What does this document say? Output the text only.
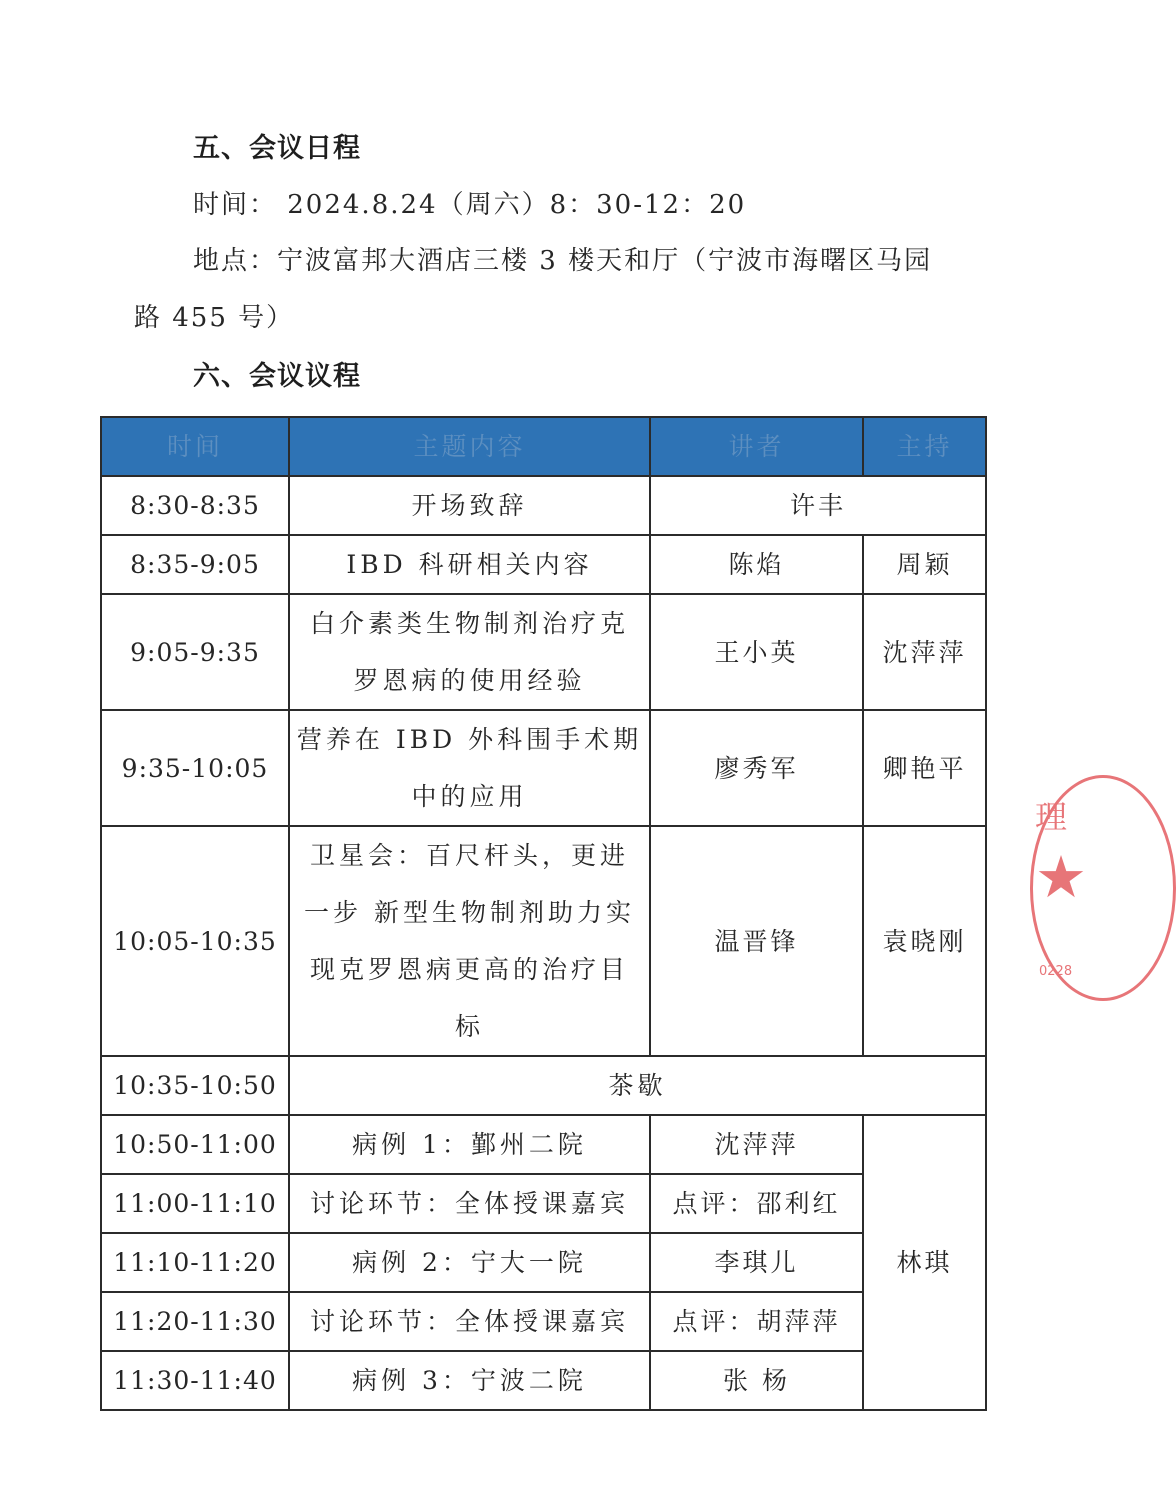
五、会议日程
时间： 2024.8.24（周六）8：30-12：20
地点：宁波富邦大酒店三楼 3 楼天和厅（宁波市海曙区马园
路 455 号）
六、会议议程
时间	主题内容	讲者	主持
8:30-8:35	开场致辞	许丰	
8:35-9:05	IBD 科研相关内容	陈焰	周颖
9:05-9:35	白介素类生物制剂治疗克罗恩病的使用经验	王小英	沈萍萍
9:35-10:05	营养在 IBD 外科围手术期中的应用	廖秀军	卿艳平
10:05-10:35	卫星会：百尺杆头，更进一步 新型生物制剂助力实现克罗恩病更高的治疗目标	温晋锋	袁晓刚
10:35-10:50	茶歇		
10:50-11:00	病例 1：鄞州二院	沈萍萍	林琪
11:00-11:10	讨论环节：全体授课嘉宾	点评：邵利红	
11:10-11:20	病例 2：宁大一院	李琪儿	
11:20-11:30	讨论环节：全体授课嘉宾	点评：胡萍萍	
11:30-11:40	病例 3：宁波二院	张 杨	
理
★
0228
